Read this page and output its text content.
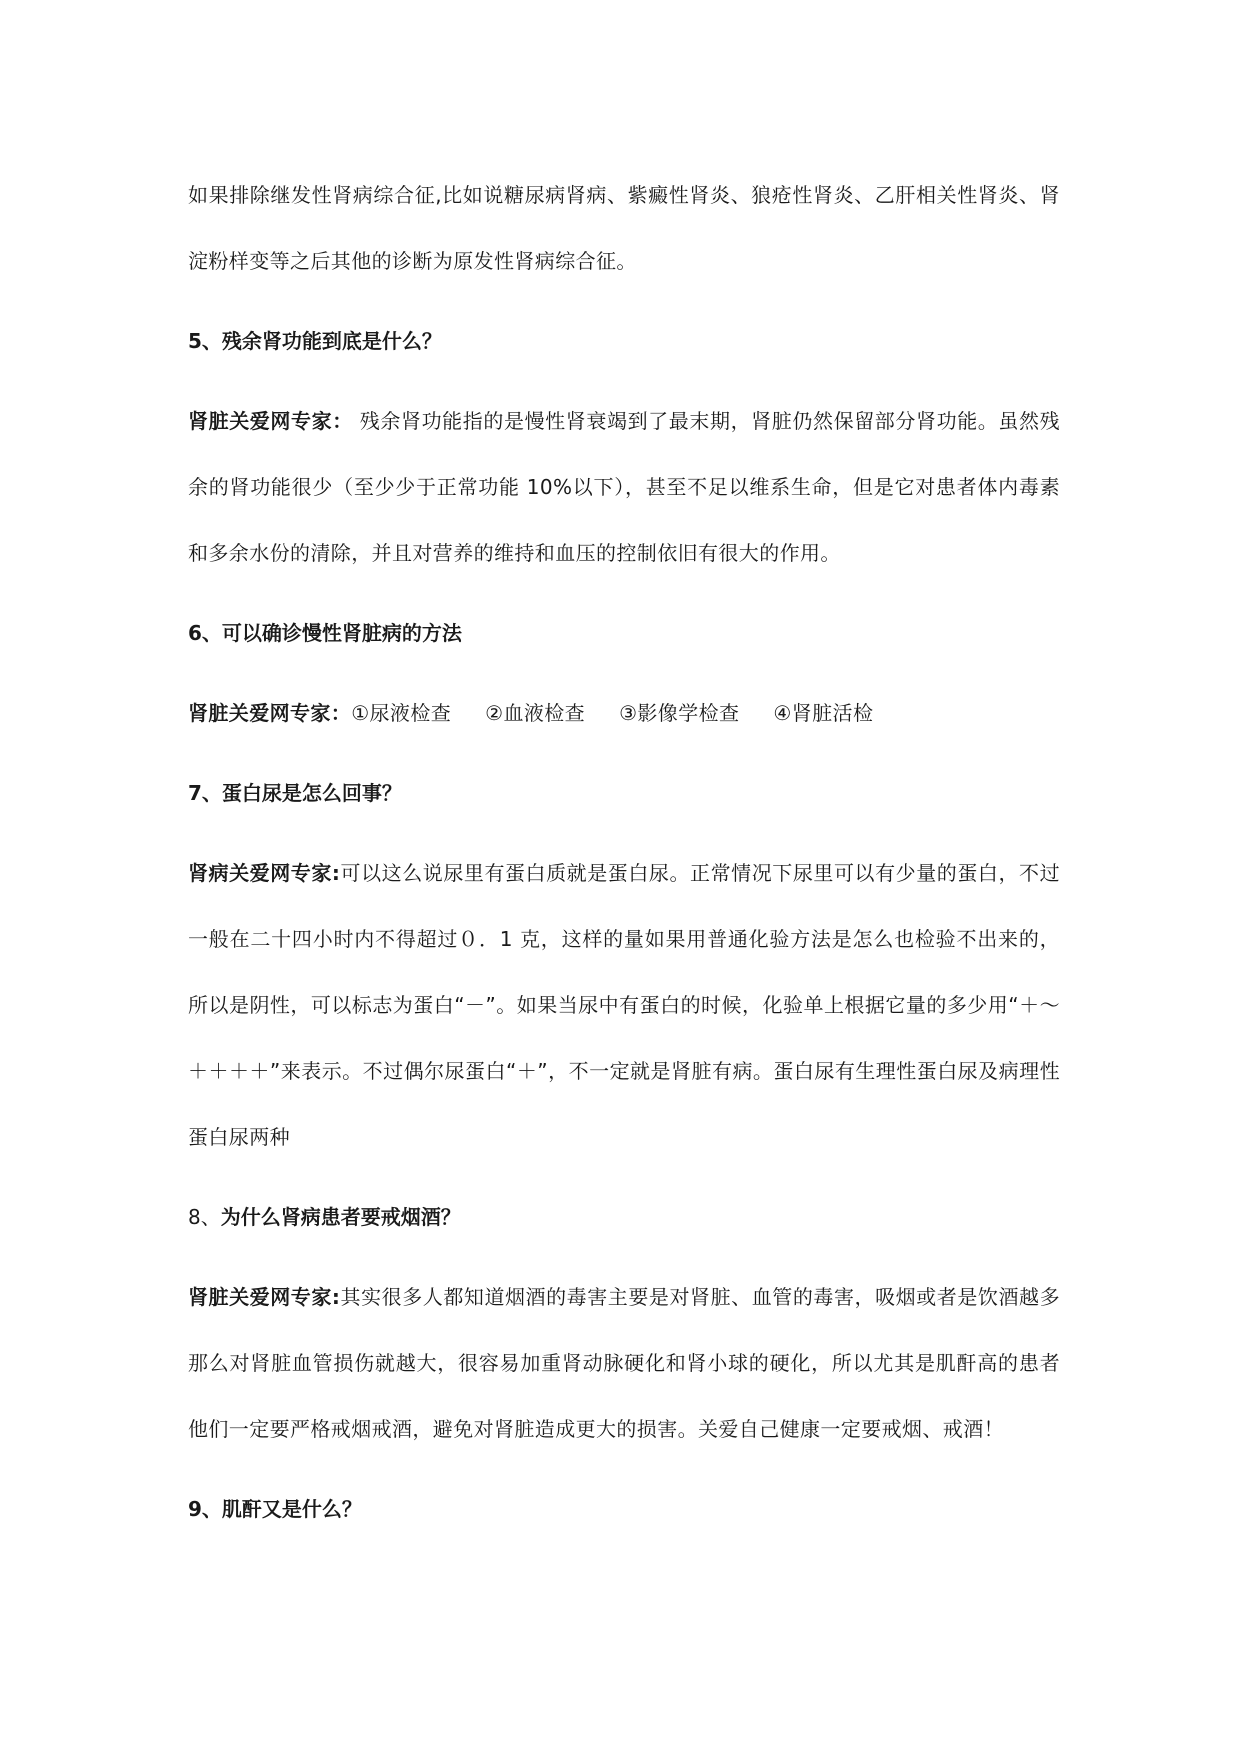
如果排除继发性肾病综合征,比如说糖尿病肾病、紫癜性肾炎、狼疮性肾炎、乙肝相关性肾炎、肾淀粉样变等之后其他的诊断为原发性肾病综合征。

5、残余肾功能到底是什么？

肾脏关爱网专家： 残余肾功能指的是慢性肾衰竭到了最末期，肾脏仍然保留部分肾功能。虽然残余的肾功能很少（至少少于正常功能 10%以下），甚至不足以维系生命，但是它对患者体内毒素和多余水份的清除，并且对营养的维持和血压的控制依旧有很大的作用。

6、可以确诊慢性肾脏病的方法

肾脏关爱网专家：①尿液检查 ②血液检查 ③影像学检查 ④肾脏活检

7、蛋白尿是怎么回事？

肾病关爱网专家:可以这么说尿里有蛋白质就是蛋白尿。正常情况下尿里可以有少量的蛋白，不过一般在二十四小时内不得超过０．1 克，这样的量如果用普通化验方法是怎么也检验不出来的，所以是阴性，可以标志为蛋白“－”。如果当尿中有蛋白的时候，化验单上根据它量的多少用“＋～＋＋＋＋”来表示。不过偶尔尿蛋白“＋”，不一定就是肾脏有病。蛋白尿有生理性蛋白尿及病理性蛋白尿两种

8、为什么肾病患者要戒烟酒？

肾脏关爱网专家:其实很多人都知道烟酒的毒害主要是对肾脏、血管的毒害，吸烟或者是饮酒越多那么对肾脏血管损伤就越大，很容易加重肾动脉硬化和肾小球的硬化，所以尤其是肌酐高的患者他们一定要严格戒烟戒酒，避免对肾脏造成更大的损害。关爱自己健康一定要戒烟、戒酒！

9、肌酐又是什么？
